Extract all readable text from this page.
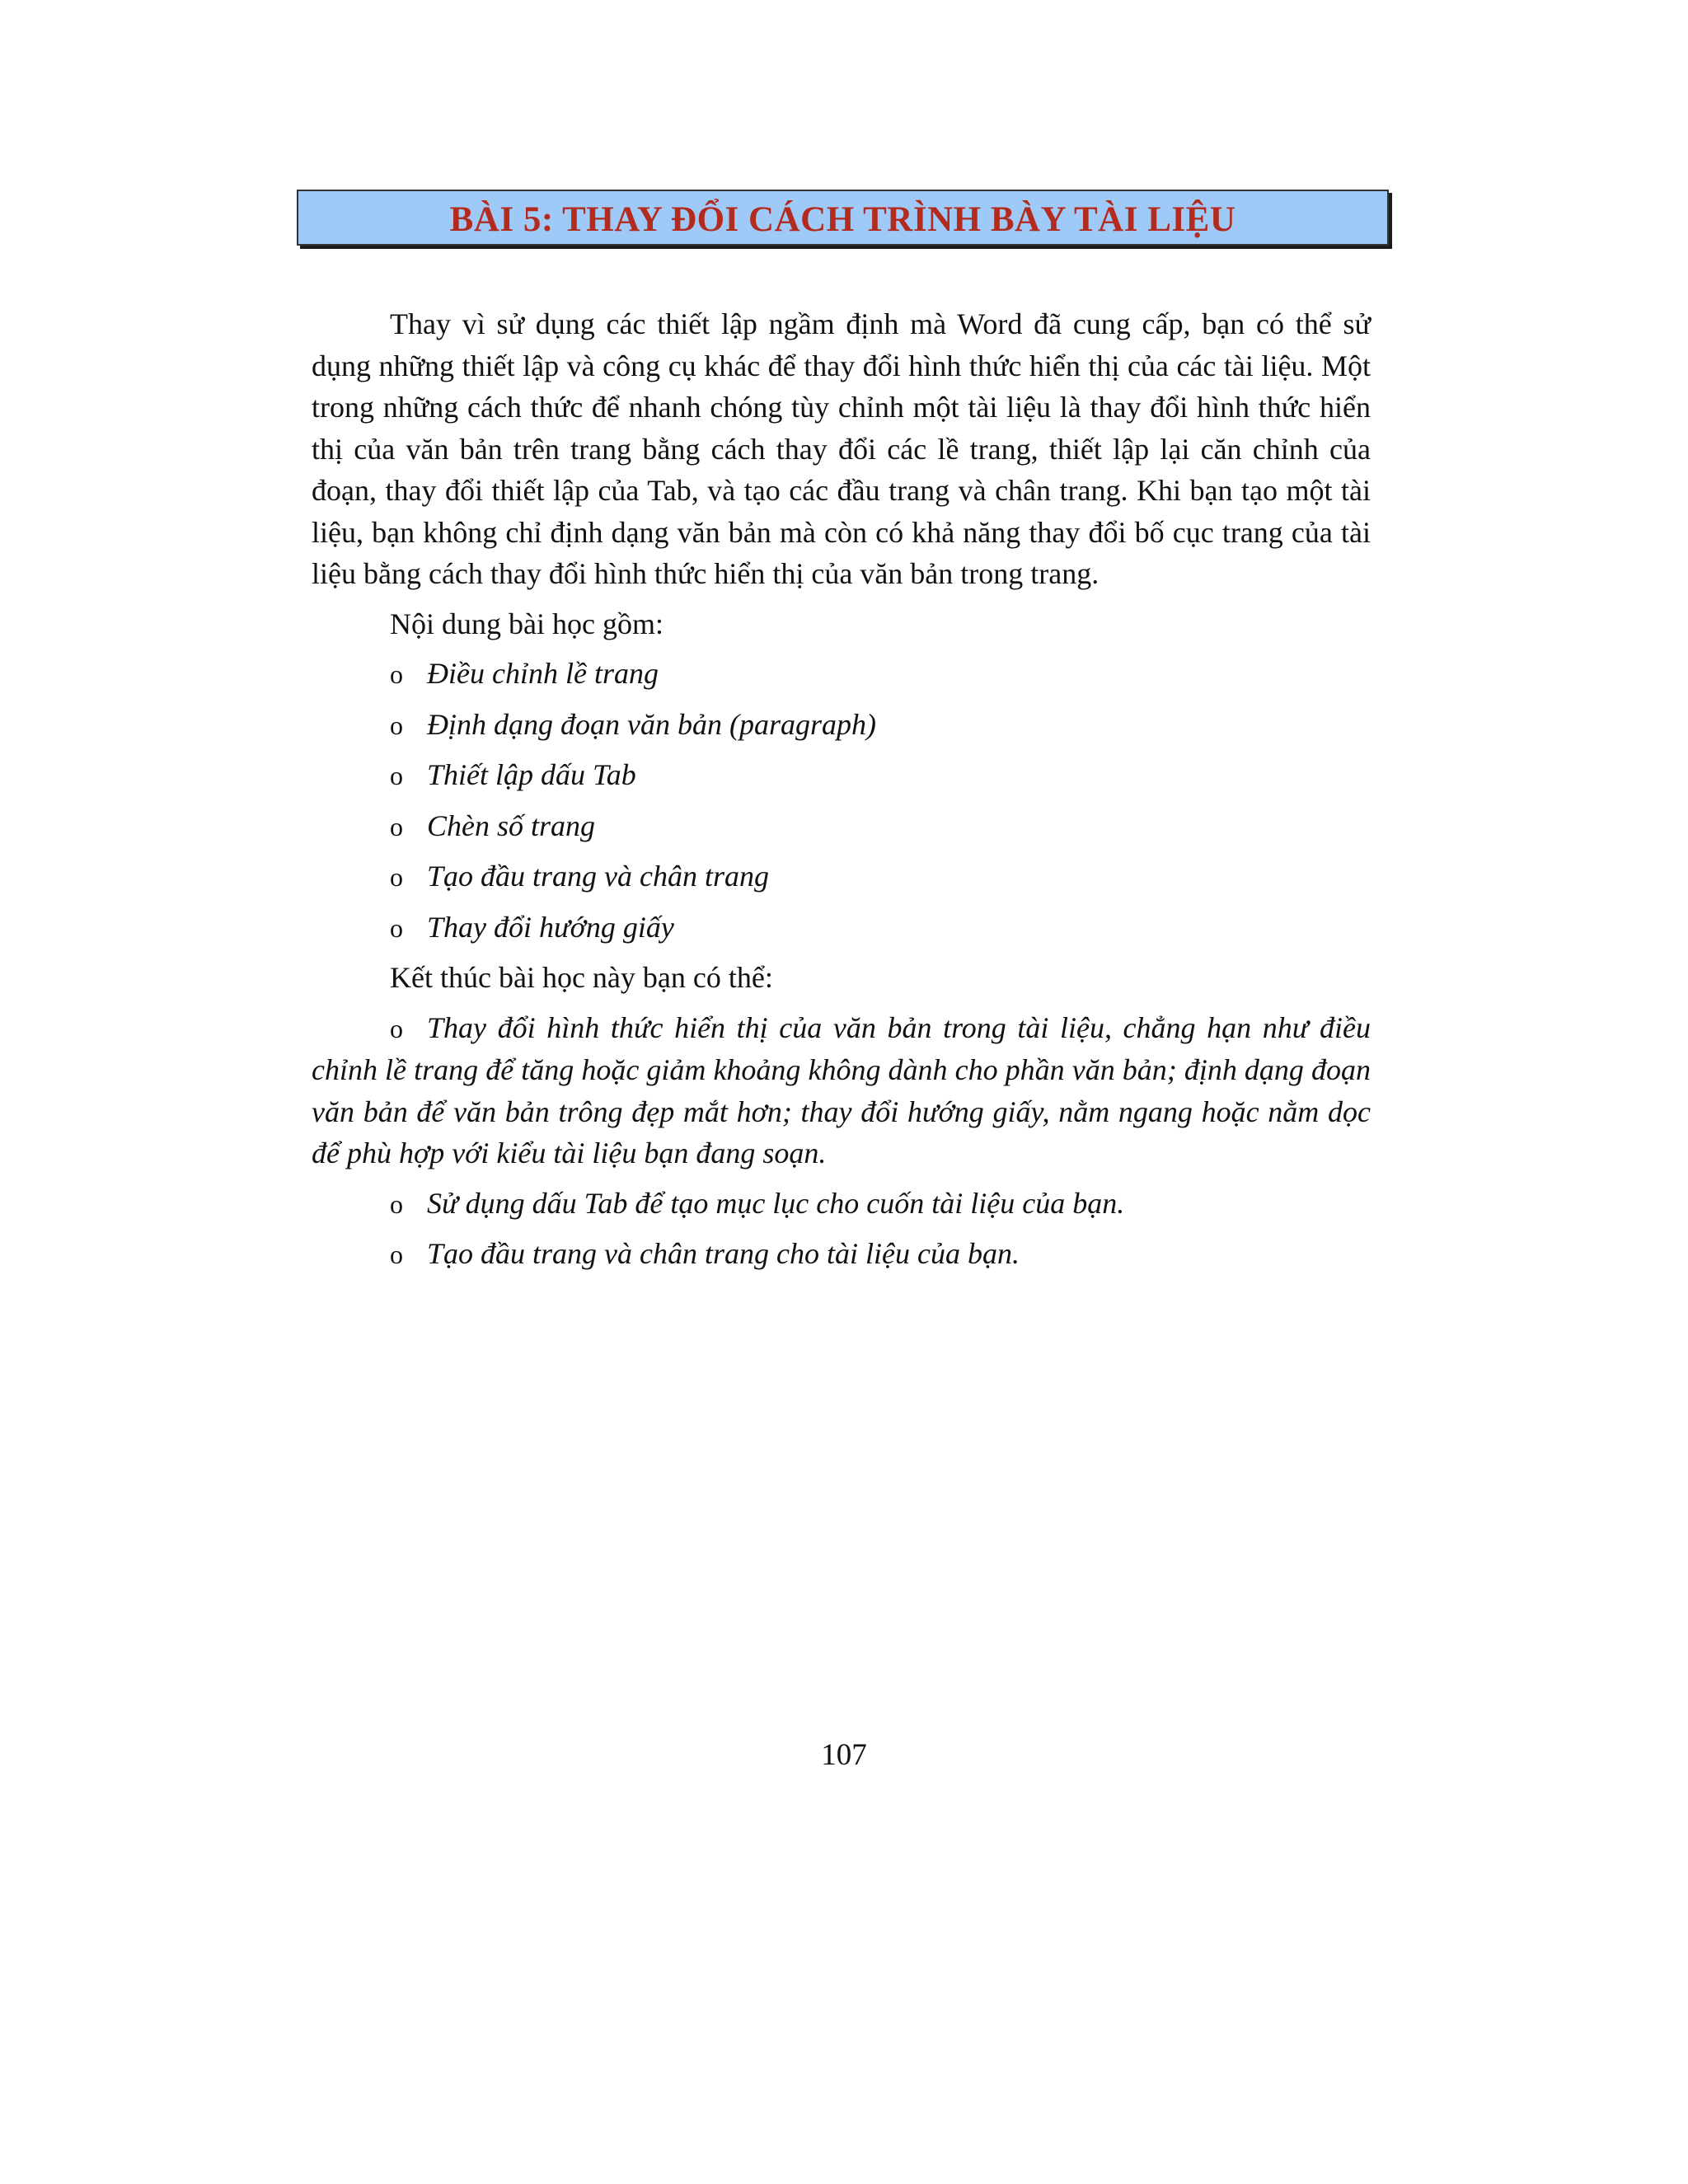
BÀI 5: THAY ĐỔI CÁCH TRÌNH BÀY TÀI LIỆU

Thay vì sử dụng các thiết lập ngầm định mà Word đã cung cấp, bạn có thể sử dụng những thiết lập và công cụ khác để thay đổi hình thức hiển thị của các tài liệu. Một trong những cách thức để nhanh chóng tùy chỉnh một tài liệu là thay đổi hình thức hiển thị của văn bản trên trang bằng cách thay đổi các lề trang, thiết lập lại căn chỉnh của đoạn, thay đổi thiết lập của Tab, và tạo các đầu trang và chân trang. Khi bạn tạo một tài liệu, bạn không chỉ định dạng văn bản mà còn có khả năng thay đổi bố cục trang của tài liệu bằng cách thay đổi hình thức hiển thị của văn bản trong trang.

Nội dung bài học gồm:

o Điều chỉnh lề trang
o Định dạng đoạn văn bản (paragraph)
o Thiết lập dấu Tab
o Chèn số trang
o Tạo đầu trang và chân trang
o Thay đổi hướng giấy

Kết thúc bài học này bạn có thể:

o Thay đổi hình thức hiển thị của văn bản trong tài liệu, chẳng hạn như điều chỉnh lề trang để tăng hoặc giảm khoảng không dành cho phần văn bản; định dạng đoạn văn bản để văn bản trông đẹp mắt hơn; thay đổi hướng giấy, nằm ngang hoặc nằm dọc để phù hợp với kiểu tài liệu bạn đang soạn.

o Sử dụng dấu Tab để tạo mục lục cho cuốn tài liệu của bạn.
o Tạo đầu trang và chân trang cho tài liệu của bạn.
107
